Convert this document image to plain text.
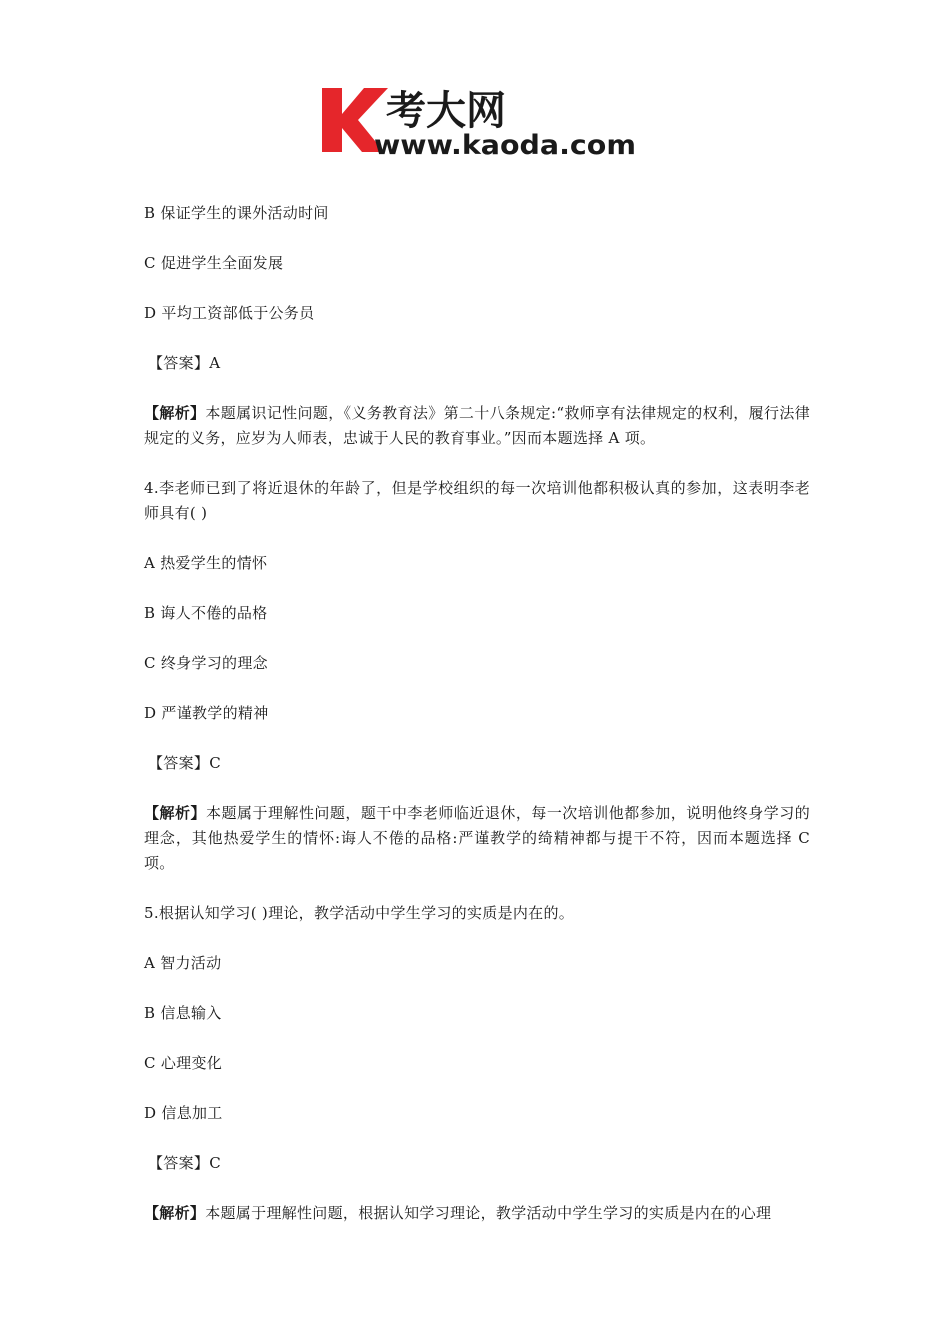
考大网
www.kaoda.com

B 保证学生的课外活动时间

C 促进学生全面发展

D 平均工资部低于公务员

【答案】A

【解析】本题属识记性问题，《义务教育法》第二十八条规定:“救师享有法律规定的权利，履行法律规定的义务，应岁为人师表，忠诚于人民的教育事业。”因而本题选择 A 项。

4.李老师已到了将近退休的年龄了，但是学校组织的每一次培训他都积极认真的参加，这表明李老师具有( )

A 热爱学生的情怀

B 诲人不倦的品格

C 终身学习的理念

D 严谨教学的精神

【答案】C

【解析】本题属于理解性问题，题干中李老师临近退休，每一次培训他都参加，说明他终身学习的理念，其他热爱学生的情怀:诲人不倦的品格:严谨教学的绮精神都与提干不符，因而本题选择 C 项。

5.根据认知学习( )理论，教学活动中学生学习的实质是内在的。

A 智力活动

B 信息输入

C 心理变化

D 信息加工

【答案】C

【解析】本题属于理解性问题，根据认知学习理论，教学活动中学生学习的实质是内在的心理
